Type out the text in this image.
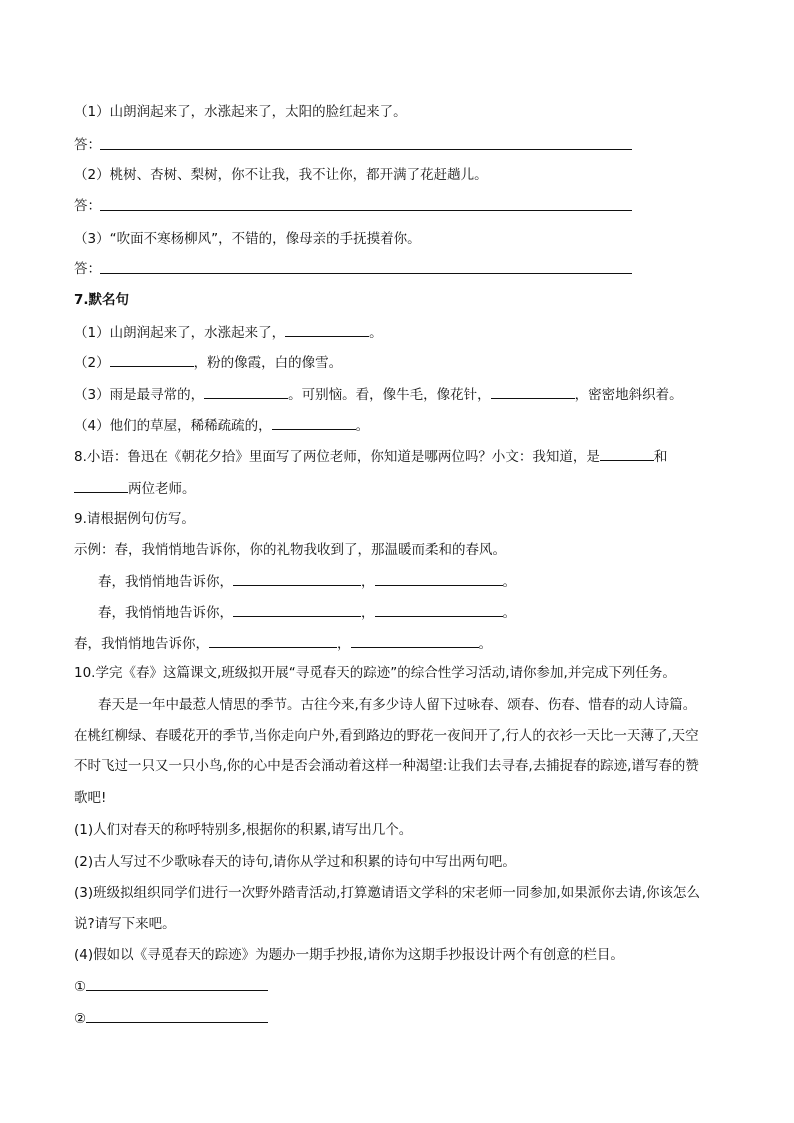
（1）山朗润起来了，水涨起来了，太阳的脸红起来了。
答：
（2）桃树、杏树、梨树，你不让我，我不让你，都开满了花赶趟儿。
答：
（3）“吹面不寒杨柳风”，不错的，像母亲的手抚摸着你。
答：
7.默名句
（1）山朗润起来了，水涨起来了，	。
（2）	，粉的像霞，白的像雪。
（3）雨是最寻常的，	。可别恼。看，像牛毛，像花针，	，密密地斜织着。
（4）他们的草屋，稀稀疏疏的，	。
8.小语：鲁迅在《朝花夕拾》里面写了两位老师，你知道是哪两位吗？小文：我知道，是	和
两位老师。
9.请根据例句仿写。
示例：春，我悄悄地告诉你，你的礼物我收到了，那温暖而柔和的春风。
春，我悄悄地告诉你，	，	。
春，我悄悄地告诉你，	，	。
春，我悄悄地告诉你，	，	。
10.学完《春》这篇课文,班级拟开展“寻觅春天的踪迹”的综合性学习活动,请你参加,并完成下列任务。
春天是一年中最惹人情思的季节。古往今来,有多少诗人留下过咏春、颂春、伤春、惜春的动人诗篇。
在桃红柳绿、春暖花开的季节,当你走向户外,看到路边的野花一夜间开了,行人的衣衫一天比一天薄了,天空
不时飞过一只又一只小鸟,你的心中是否会涌动着这样一种渴望:让我们去寻春,去捕捉春的踪迹,谱写春的赞
歌吧!
(1)人们对春天的称呼特别多,根据你的积累,请写出几个。
(2)古人写过不少歌咏春天的诗句,请你从学过和积累的诗句中写出两句吧。
(3)班级拟组织同学们进行一次野外踏青活动,打算邀请语文学科的宋老师一同参加,如果派你去请,你该怎么
说?请写下来吧。
(4)假如以《寻觅春天的踪迹》为题办一期手抄报,请你为这期手抄报设计两个有创意的栏目。
①
②
